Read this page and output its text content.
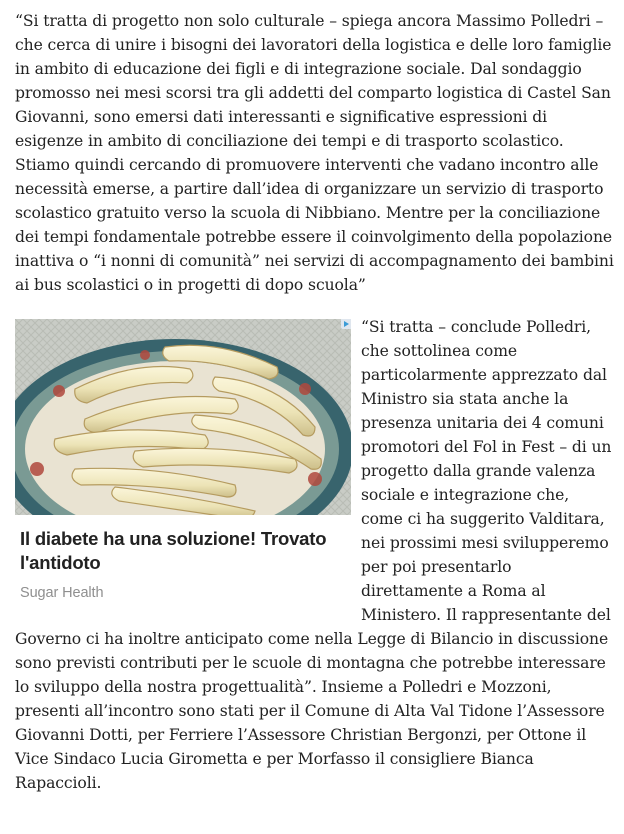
“Si tratta di progetto non solo culturale – spiega ancora Massimo Polledri – che cerca di unire i bisogni dei lavoratori della logistica e delle loro famiglie in ambito di educazione dei figli e di integrazione sociale. Dal sondaggio promosso nei mesi scorsi tra gli addetti del comparto logistica di Castel San Giovanni, sono emersi dati interessanti e significative espressioni di esigenze in ambito di conciliazione dei tempi e di trasporto scolastico. Stiamo quindi cercando di promuovere interventi che vadano incontro alle necessità emerse, a partire dall’idea di organizzare un servizio di trasporto scolastico gratuito verso la scuola di Nibbiano. Mentre per la conciliazione dei tempi fondamentale potrebbe essere il coinvolgimento della popolazione inattiva o “i nonni di comunità” nei servizi di accompagnamento dei bambini ai bus scolastici o in progetti di dopo scuola”

Il diabete ha una soluzione! Trovato l'antidoto
Sugar Health

“Si tratta – conclude Polledri, che sottolinea come particolarmente apprezzato dal Ministro sia stata anche la presenza unitaria dei 4 comuni promotori del Fol in Fest – di un progetto dalla grande valenza sociale e integrazione che, come ci ha suggerito Valditara, nei prossimi mesi svilupperemo per poi presentarlo direttamente a Roma al Ministero. Il rappresentante del Governo ci ha inoltre anticipato come nella Legge di Bilancio in discussione sono previsti contributi per le scuole di montagna che potrebbe interessare lo sviluppo della nostra progettualità”. Insieme a Polledri e Mozzoni, presenti all’incontro sono stati per il Comune di Alta Val Tidone l’Assessore Giovanni Dotti, per Ferriere l’Assessore Christian Bergonzi, per Ottone il Vice Sindaco Lucia Girometta e per Morfasso il consigliere Bianca Rapaccioli.
